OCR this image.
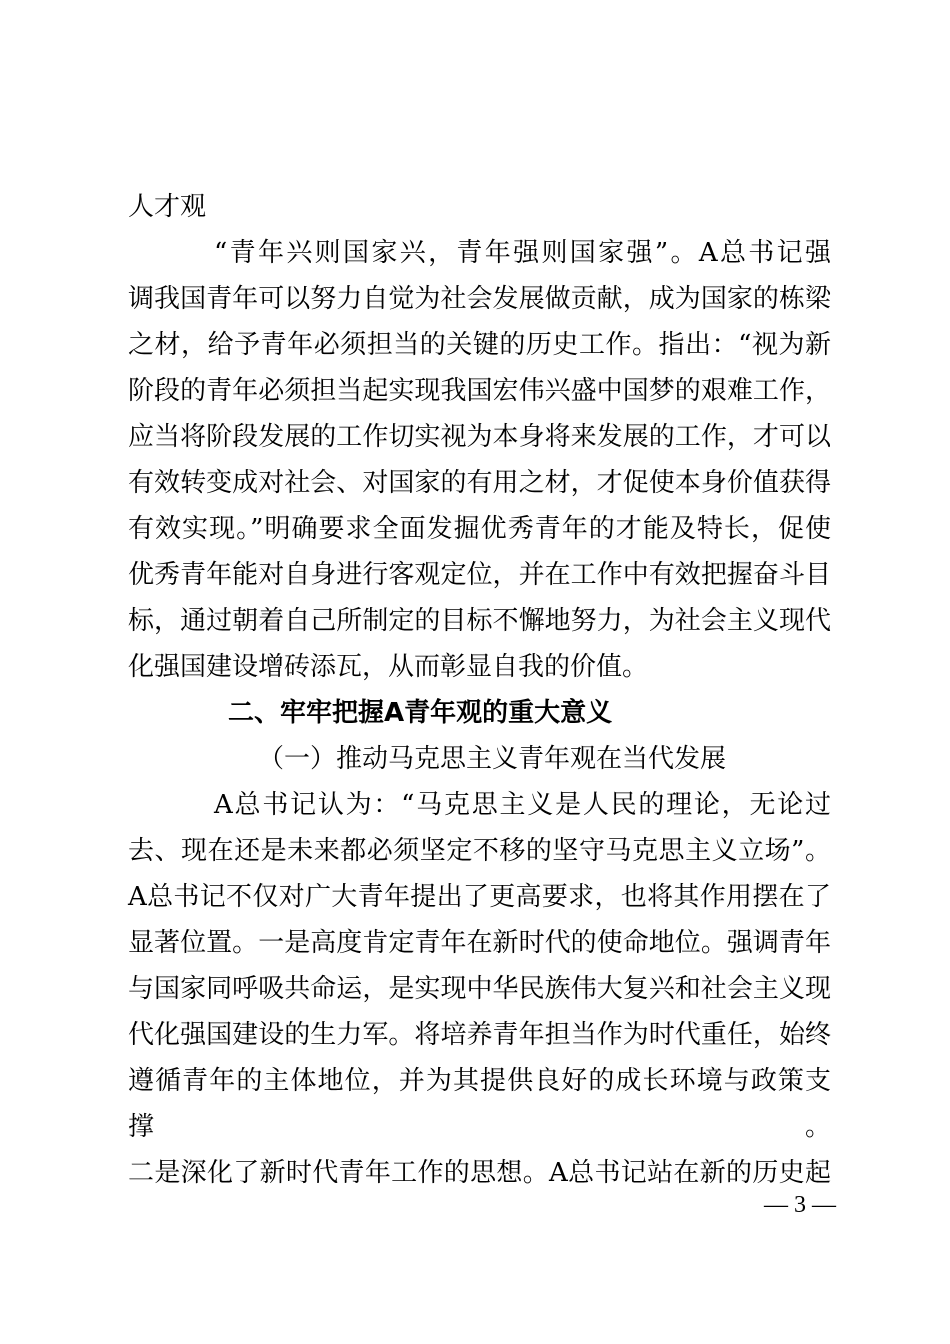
人才观
“青年兴则国家兴，青年强则国家强”。A总书记强
调我国青年可以努力自觉为社会发展做贡献，成为国家的栋梁
之材，给予青年必须担当的关键的历史工作。指出：“视为新
阶段的青年必须担当起实现我国宏伟兴盛中国梦的艰难工作，
应当将阶段发展的工作切实视为本身将来发展的工作，才可以
有效转变成对社会、对国家的有用之材，才促使本身价值获得
有效实现。”明确要求全面发掘优秀青年的才能及特长，促使
优秀青年能对自身进行客观定位，并在工作中有效把握奋斗目
标，通过朝着自己所制定的目标不懈地努力，为社会主义现代
化强国建设增砖添瓦，从而彰显自我的价值。
二、牢牢把握A青年观的重大意义
（一）推动马克思主义青年观在当代发展
A总书记认为：“马克思主义是人民的理论，无论过
去、现在还是未来都必须坚定不移的坚守马克思主义立场”。
A总书记不仅对广大青年提出了更高要求，也将其作用摆在了
显著位置。一是高度肯定青年在新时代的使命地位。强调青年
与国家同呼吸共命运，是实现中华民族伟大复兴和社会主义现
代化强国建设的生力军。将培养青年担当作为时代重任，始终
遵循青年的主体地位，并为其提供良好的成长环境与政策支撑。
二是深化了新时代青年工作的思想。A总书记站在新的历史起
— 3 —
